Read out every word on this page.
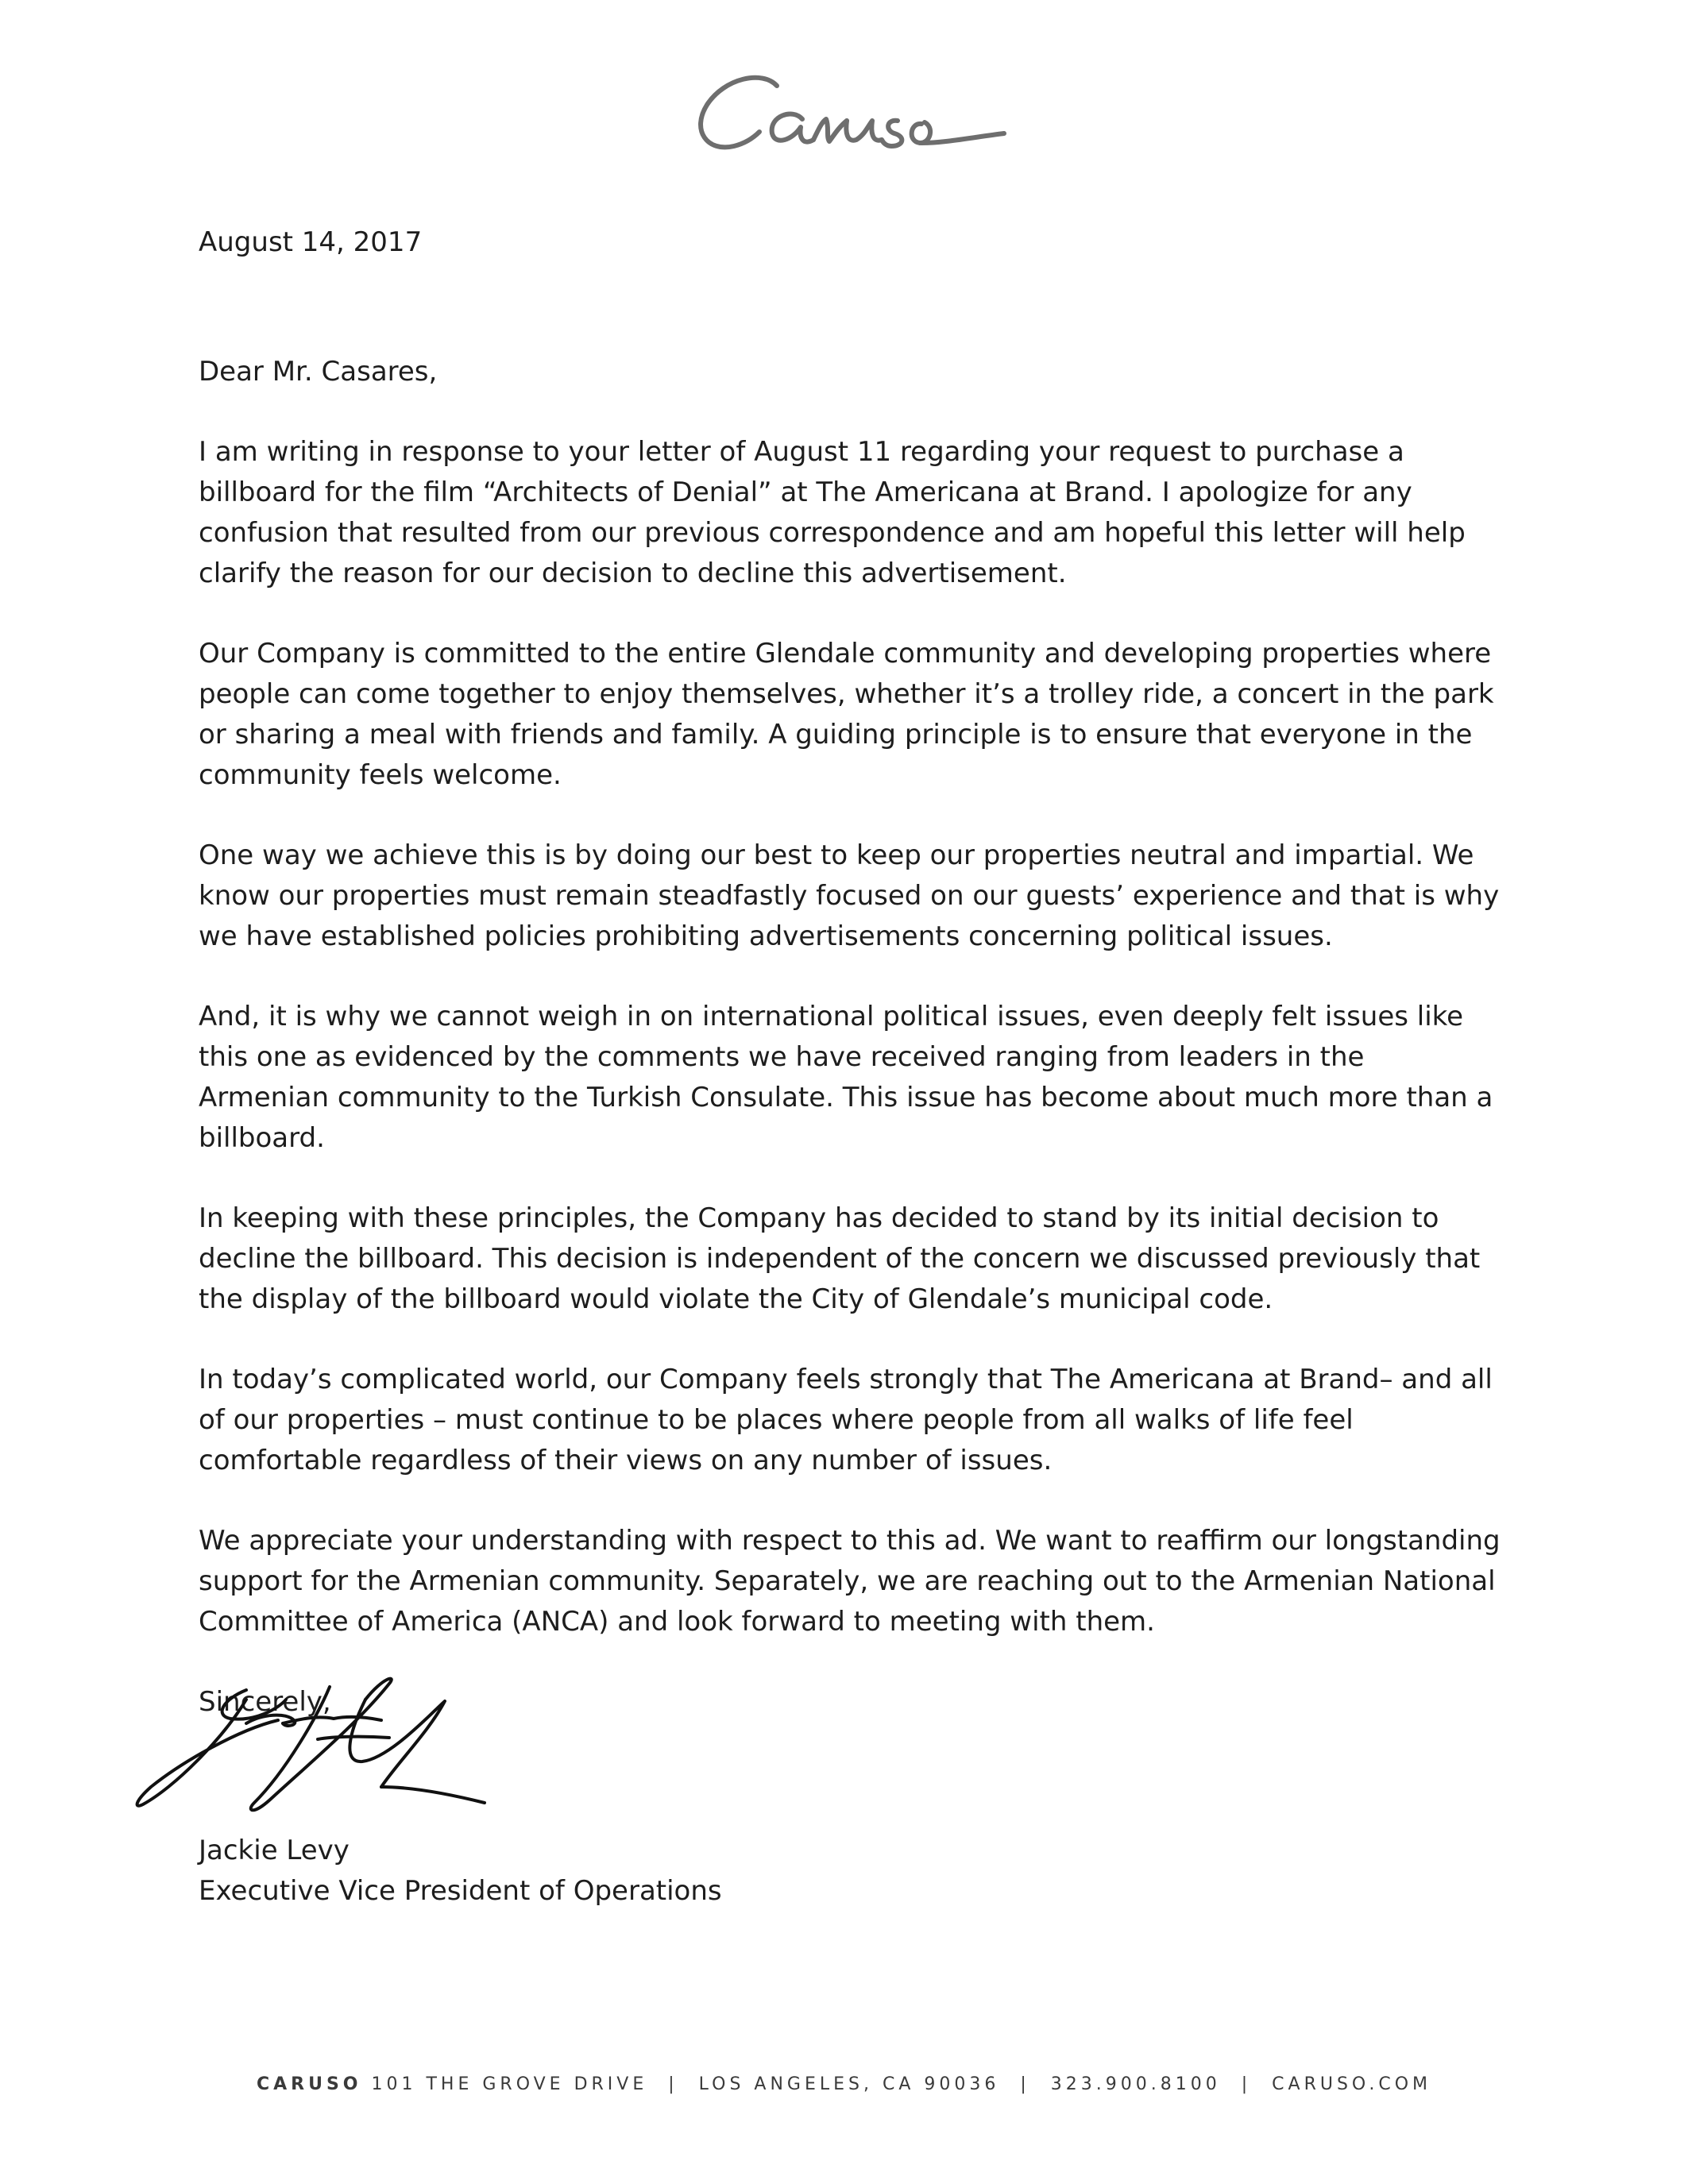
August 14, 2017

Dear Mr. Casares,

I am writing in response to your letter of August 11 regarding your request to purchase a billboard for the film “Architects of Denial” at The Americana at Brand. I apologize for any confusion that resulted from our previous correspondence and am hopeful this letter will help clarify the reason for our decision to decline this advertisement.

Our Company is committed to the entire Glendale community and developing properties where people can come together to enjoy themselves, whether it’s a trolley ride, a concert in the park or sharing a meal with friends and family. A guiding principle is to ensure that everyone in the community feels welcome.

One way we achieve this is by doing our best to keep our properties neutral and impartial. We know our properties must remain steadfastly focused on our guests’ experience and that is why we have established policies prohibiting advertisements concerning political issues.

And, it is why we cannot weigh in on international political issues, even deeply felt issues like this one as evidenced by the comments we have received ranging from leaders in the Armenian community to the Turkish Consulate. This issue has become about much more than a billboard.

In keeping with these principles, the Company has decided to stand by its initial decision to decline the billboard. This decision is independent of the concern we discussed previously that the display of the billboard would violate the City of Glendale’s municipal code.

In today’s complicated world, our Company feels strongly that The Americana at Brand– and all of our properties – must continue to be places where people from all walks of life feel comfortable regardless of their views on any number of issues.

We appreciate your understanding with respect to this ad. We want to reaffirm our longstanding support for the Armenian community. Separately, we are reaching out to the Armenian National Committee of America (ANCA) and look forward to meeting with them.

Sincerely,

Jackie Levy
Executive Vice President of Operations
CARUSO 101 THE GROVE DRIVE | LOS ANGELES, CA 90036 | 323.900.8100 | CARUSO.COM
